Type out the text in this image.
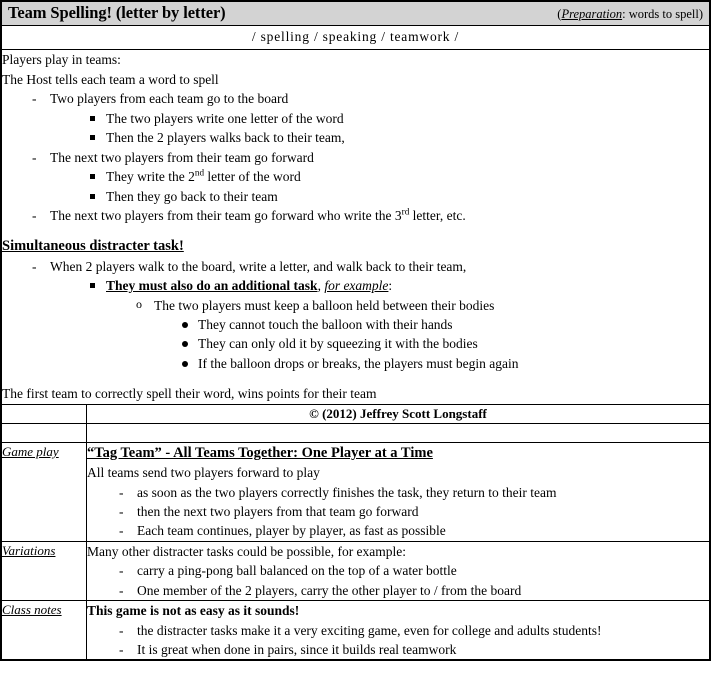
Team Spelling! (letter by letter)	(Preparation: words to spell)

/ spelling / speaking / teamwork /

Players play in teams:
The Host tells each team a word to spell
- Two players from each team go to the board
The two players write one letter of the word
Then the 2 players walks back to their team,
- The next two players from their team go forward
They write the 2nd letter of the word
Then they go back to their team
- The next two players from their team go forward who write the 3rd letter, etc.
Simultaneous distracter task!
- When 2 players walk to the board, write a letter, and walk back to their team,
They must also do an additional task, for example:
o The two players must keep a balloon held between their bodies
They cannot touch the balloon with their hands
They can only old it by squeezing it with the bodies
If the balloon drops or breaks, the players must begin again
The first team to correctly spell their word, wins points for their team
	© (2012) Jeffrey Scott Longstaff

Game play	“Tag Team” - All Teams Together: One Player at a Time
All teams send two players forward to play
- as soon as the two players correctly finishes the task, they return to their team
- then the next two players from that team go forward
- Each team continues, player by player, as fast as possible

Variations	Many other distracter tasks could be possible, for example:
- carry a ping-pong ball balanced on the top of a water bottle
- One member of the 2 players, carry the other player to / from the board

Class notes	This game is not as easy as it sounds!
- the distracter tasks make it a very exciting game, even for college and adults students!
- It is great when done in pairs, since it builds real teamwork
